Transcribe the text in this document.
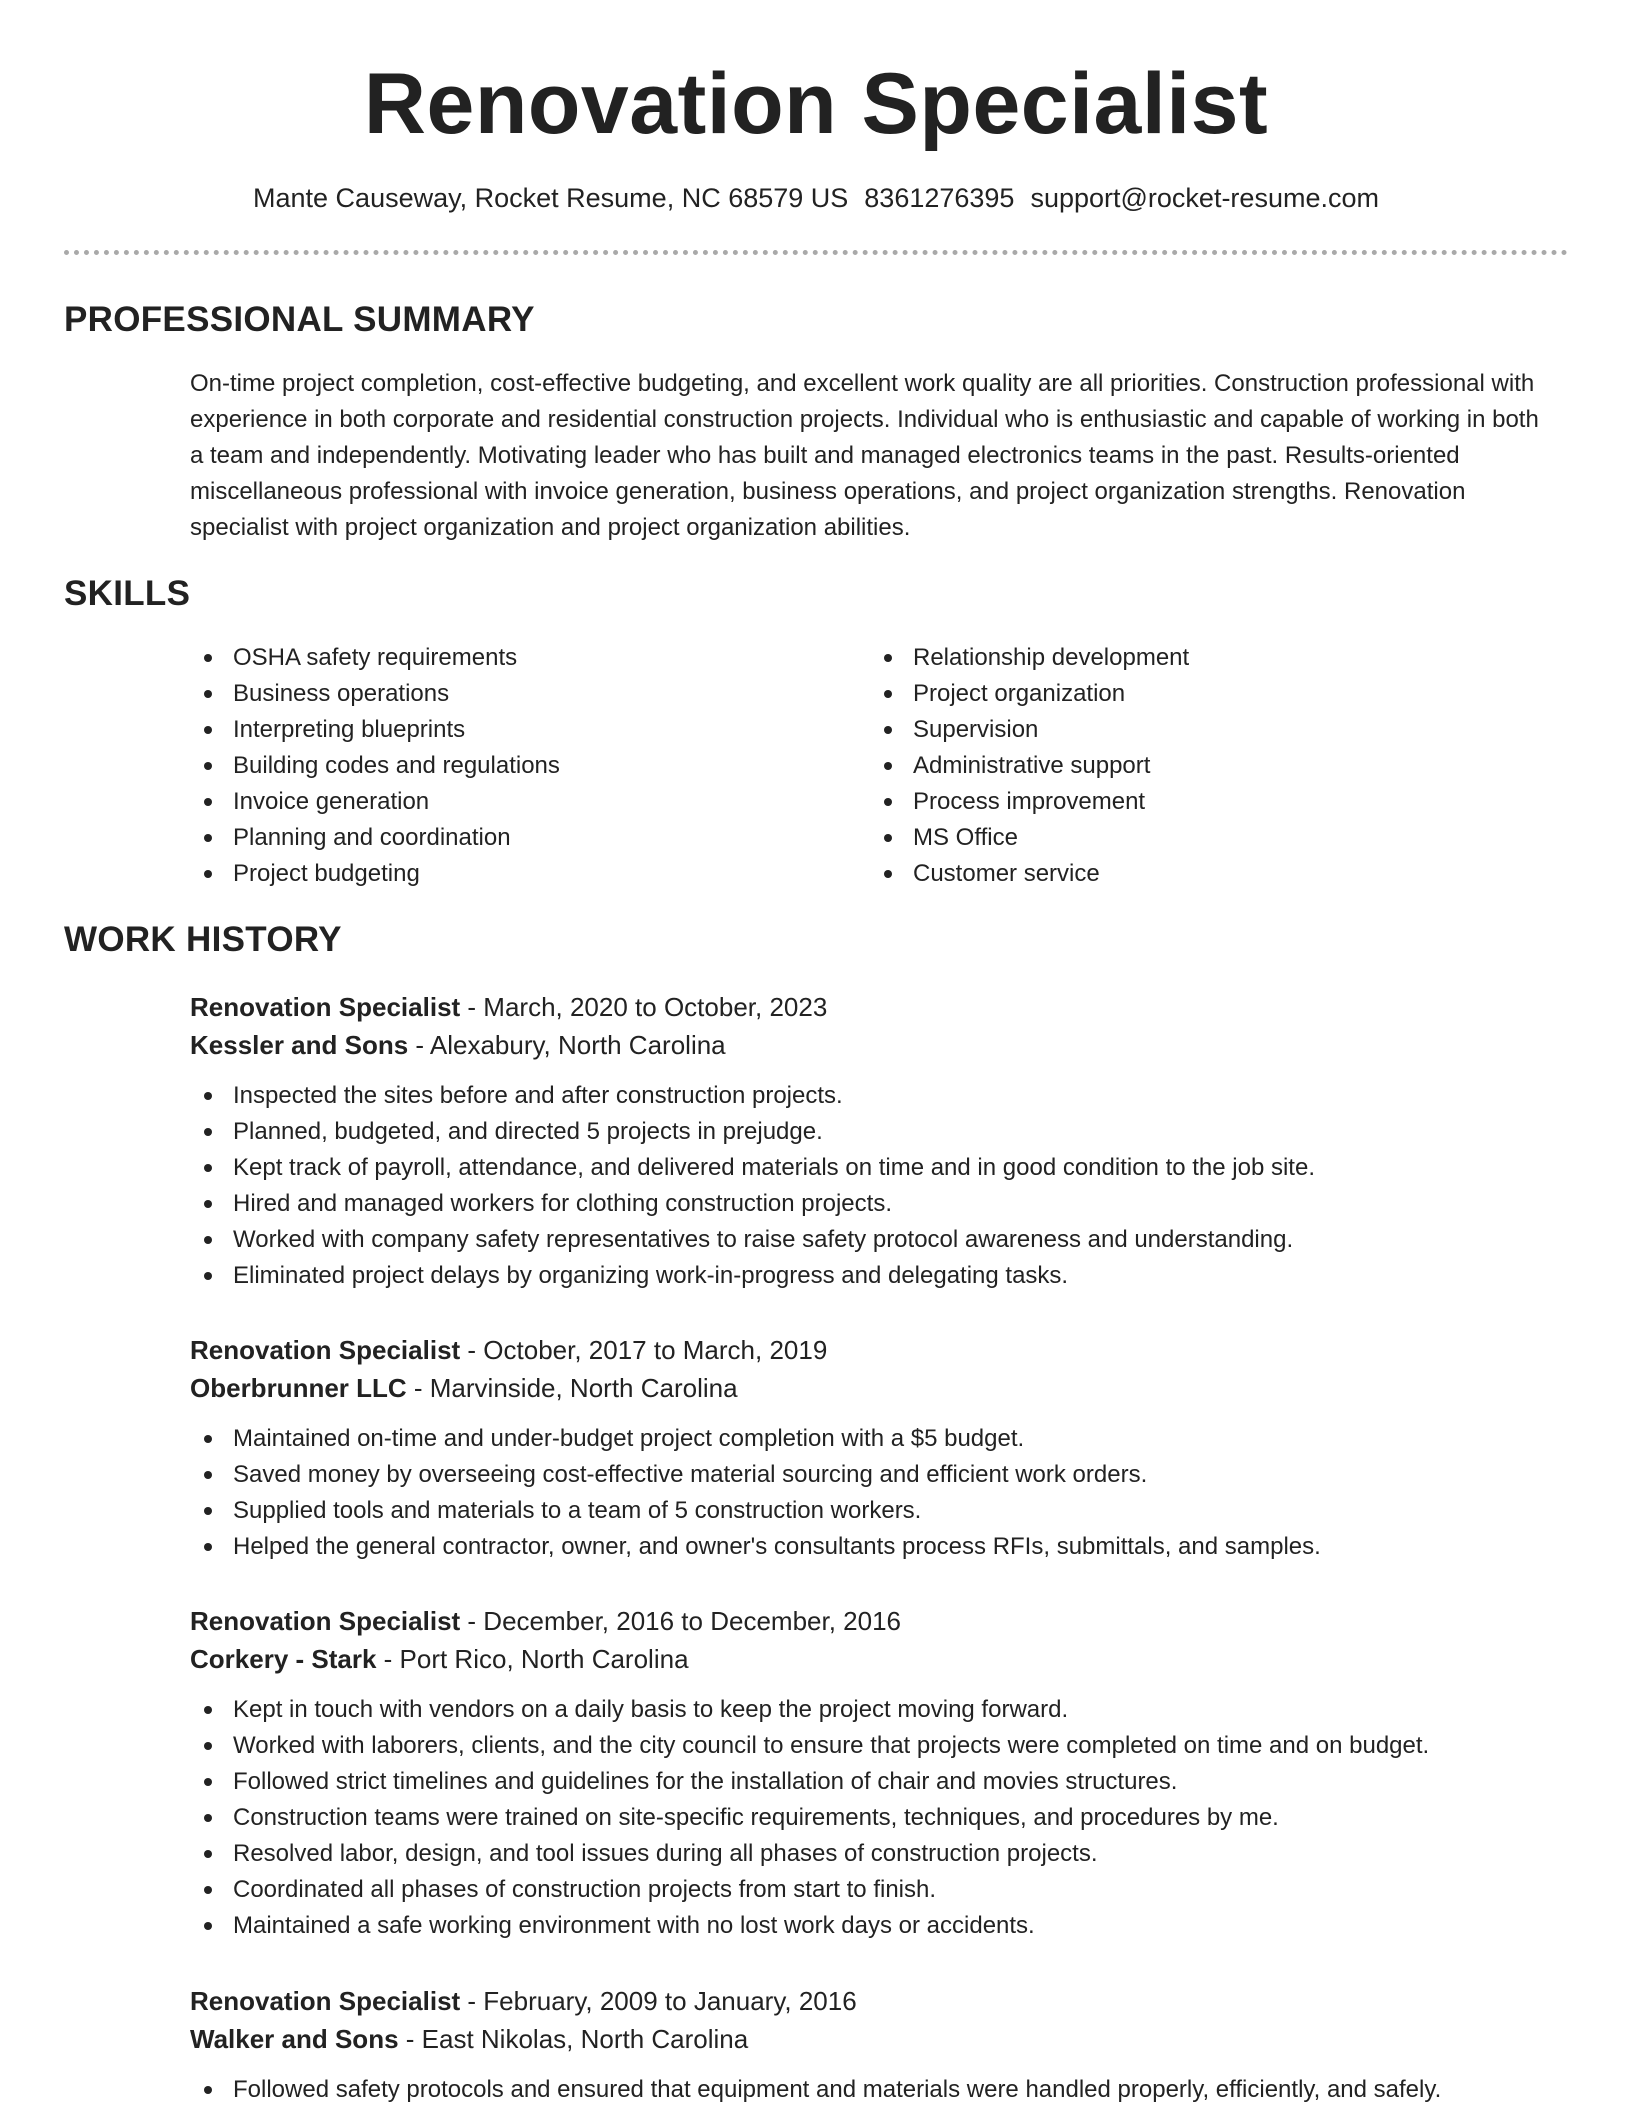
Renovation Specialist
Mante Causeway, Rocket Resume, NC 68579 US 8361276395 support@rocket-resume.com
PROFESSIONAL SUMMARY
On-time project completion, cost-effective budgeting, and excellent work quality are all priorities. Construction professional with experience in both corporate and residential construction projects. Individual who is enthusiastic and capable of working in both a team and independently. Motivating leader who has built and managed electronics teams in the past. Results-oriented miscellaneous professional with invoice generation, business operations, and project organization strengths. Renovation specialist with project organization and project organization abilities.
SKILLS
OSHA safety requirements
Business operations
Interpreting blueprints
Building codes and regulations
Invoice generation
Planning and coordination
Project budgeting
Relationship development
Project organization
Supervision
Administrative support
Process improvement
MS Office
Customer service
WORK HISTORY
Renovation Specialist - March, 2020 to October, 2023
Kessler and Sons - Alexabury, North Carolina
Inspected the sites before and after construction projects.
Planned, budgeted, and directed 5 projects in prejudge.
Kept track of payroll, attendance, and delivered materials on time and in good condition to the job site.
Hired and managed workers for clothing construction projects.
Worked with company safety representatives to raise safety protocol awareness and understanding.
Eliminated project delays by organizing work-in-progress and delegating tasks.
Renovation Specialist - October, 2017 to March, 2019
Oberbrunner LLC - Marvinside, North Carolina
Maintained on-time and under-budget project completion with a $5 budget.
Saved money by overseeing cost-effective material sourcing and efficient work orders.
Supplied tools and materials to a team of 5 construction workers.
Helped the general contractor, owner, and owner's consultants process RFIs, submittals, and samples.
Renovation Specialist - December, 2016 to December, 2016
Corkery - Stark - Port Rico, North Carolina
Kept in touch with vendors on a daily basis to keep the project moving forward.
Worked with laborers, clients, and the city council to ensure that projects were completed on time and on budget.
Followed strict timelines and guidelines for the installation of chair and movies structures.
Construction teams were trained on site-specific requirements, techniques, and procedures by me.
Resolved labor, design, and tool issues during all phases of construction projects.
Coordinated all phases of construction projects from start to finish.
Maintained a safe working environment with no lost work days or accidents.
Renovation Specialist - February, 2009 to January, 2016
Walker and Sons - East Nikolas, North Carolina
Followed safety protocols and ensured that equipment and materials were handled properly, efficiently, and safely.
